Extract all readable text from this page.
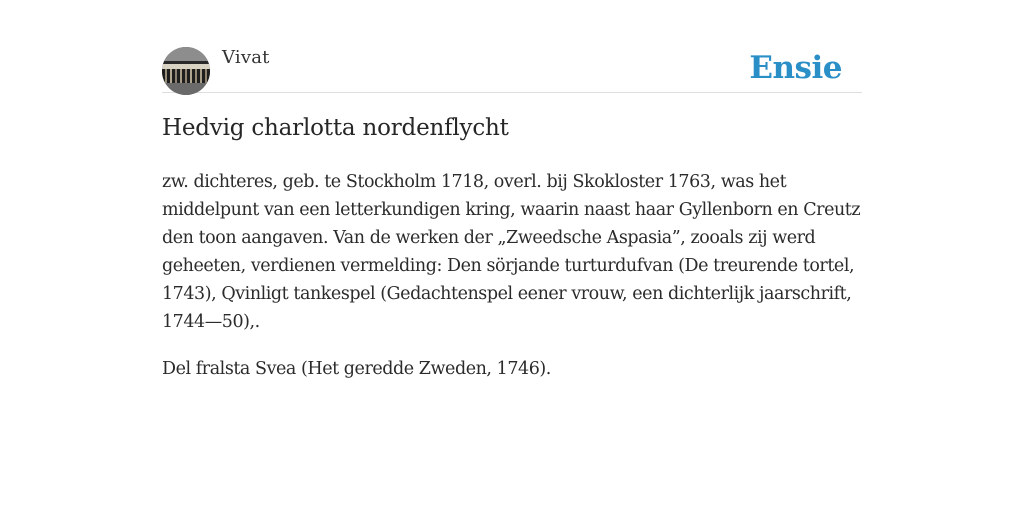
Vivat	Ensie
Hedvig charlotta nordenflycht

zw. dichteres, geb. te Stockholm 1718, overl. bij Skokloster 1763, was het middelpunt van een letterkundigen kring, waarin naast haar Gyllenborn en Creutz den toon aangaven. Van de werken der „Zweedsche Aspasia”, zooals zij werd geheeten, verdienen vermelding: Den sörjande turturdufvan (De treurende tortel, 1743), Qvinligt tankespel (Gedachtenspel eener vrouw, een dichterlijk jaarschrift, 1744—50),.

Del fralsta Svea (Het geredde Zweden, 1746).
